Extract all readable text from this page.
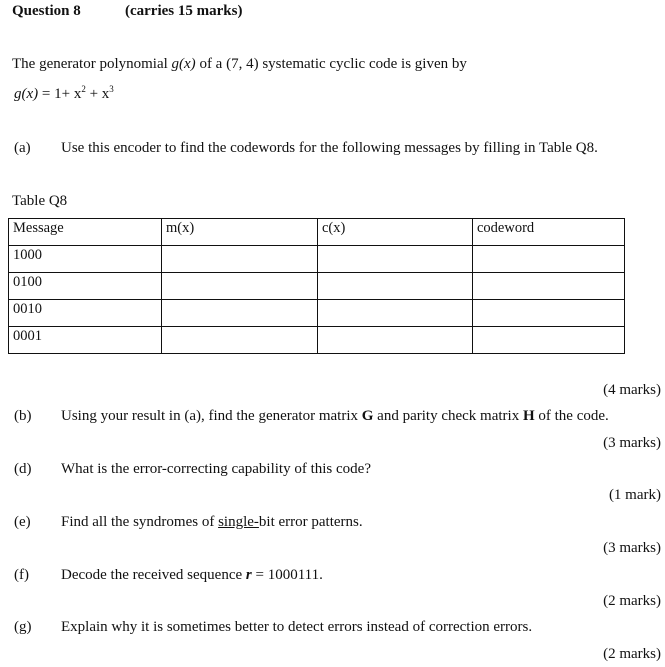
Question 8	(carries 15 marks)
The generator polynomial g(x) of a (7, 4) systematic cyclic code is given by
$g(x) = 1+ x^2 + x^3$
(a) Use this encoder to find the codewords for the following messages by filling in Table Q8.
Table Q8
Message	m(x)	c(x)	codeword
1000			
0100			
0010			
0001			
(4 marks)
(b) Using your result in (a), find the generator matrix G and parity check matrix H of the code.
(3 marks)
(d) What is the error-correcting capability of this code?
(1 mark)
(e) Find all the syndromes of single-bit error patterns.
(3 marks)
(f) Decode the received sequence r = 1000111.
(2 marks)
(g) Explain why it is sometimes better to detect errors instead of correction errors.
(2 marks)
